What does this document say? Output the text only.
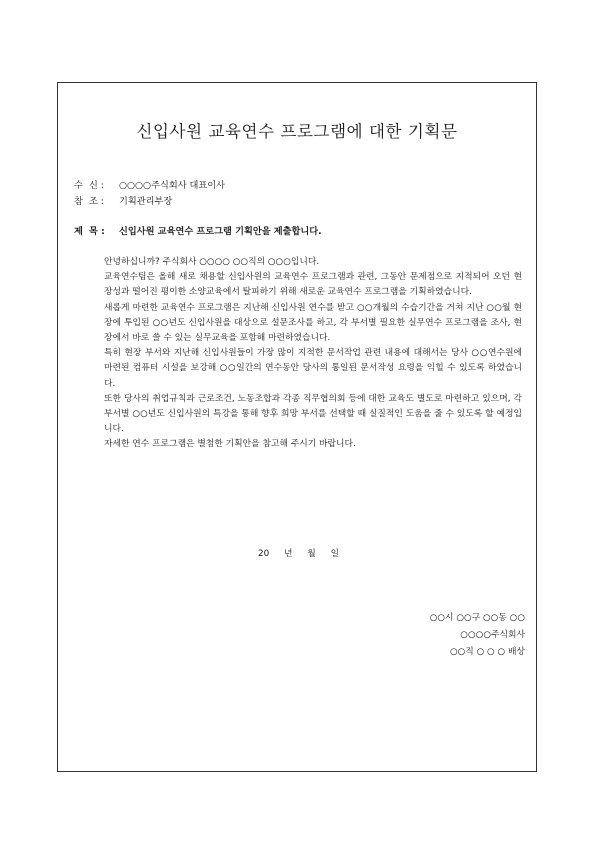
신입사원 교육연수 프로그램에 대한 기획문
수 신 : ○○○○주식회사 대표이사
참 조 : 기획관리부장
제 목 : 신입사원 교육연수 프로그램 기획안을 제출합니다.

안녕하십니까? 주식회사 ○○○○ ○○직의 ○○○입니다.

교육연수팀은 올해 새로 채용할 신입사원의 교육연수 프로그램과 관련, 그동안 문제점으로 지적되어 오던 현장성과 떨어진 평이한 소양교육에서 탈피하기 위해 새로운 교육연수 프로그램을 기획하였습니다.

새롭게 마련한 교육연수 프로그램은 지난해 신입사원 연수를 받고 ○○개월의 수습기간을 거쳐 지난 ○○월 현장에 투입된 ○○년도 신입사원을 대상으로 설문조사를 하고, 각 부서별 필요한 실무연수 프로그램을 조사, 현장에서 바로 쓸 수 있는 실무교육을 포함해 마련하였습니다.

특히 현장 부서와 지난해 신입사원들이 가장 많이 지적한 문서작업 관련 내용에 대해서는 당사 ○○연수원에 마련된 컴퓨터 시설을 보강해 ○○일간의 연수동안 당사의 통일된 문서작성 요령을 익힐 수 있도록 하였습니다.

또한 당사의 취업규칙과 근로조건, 노동조합과 각종 직무협의회 등에 대한 교육도 별도로 마련하고 있으며, 각 부서별 ○○년도 신입사원의 특강을 통해 향후 희망 부서를 선택할 때 실질적인 도움을 줄 수 있도록 할 예정입니다.

자세한 연수 프로그램은 별첨한 기획안을 참고해 주시기 바랍니다.

20 년 월 일
○○시 ○○구 ○○동 ○○
○○○○주식회사
○○직 ○ ○ ○ 배상
